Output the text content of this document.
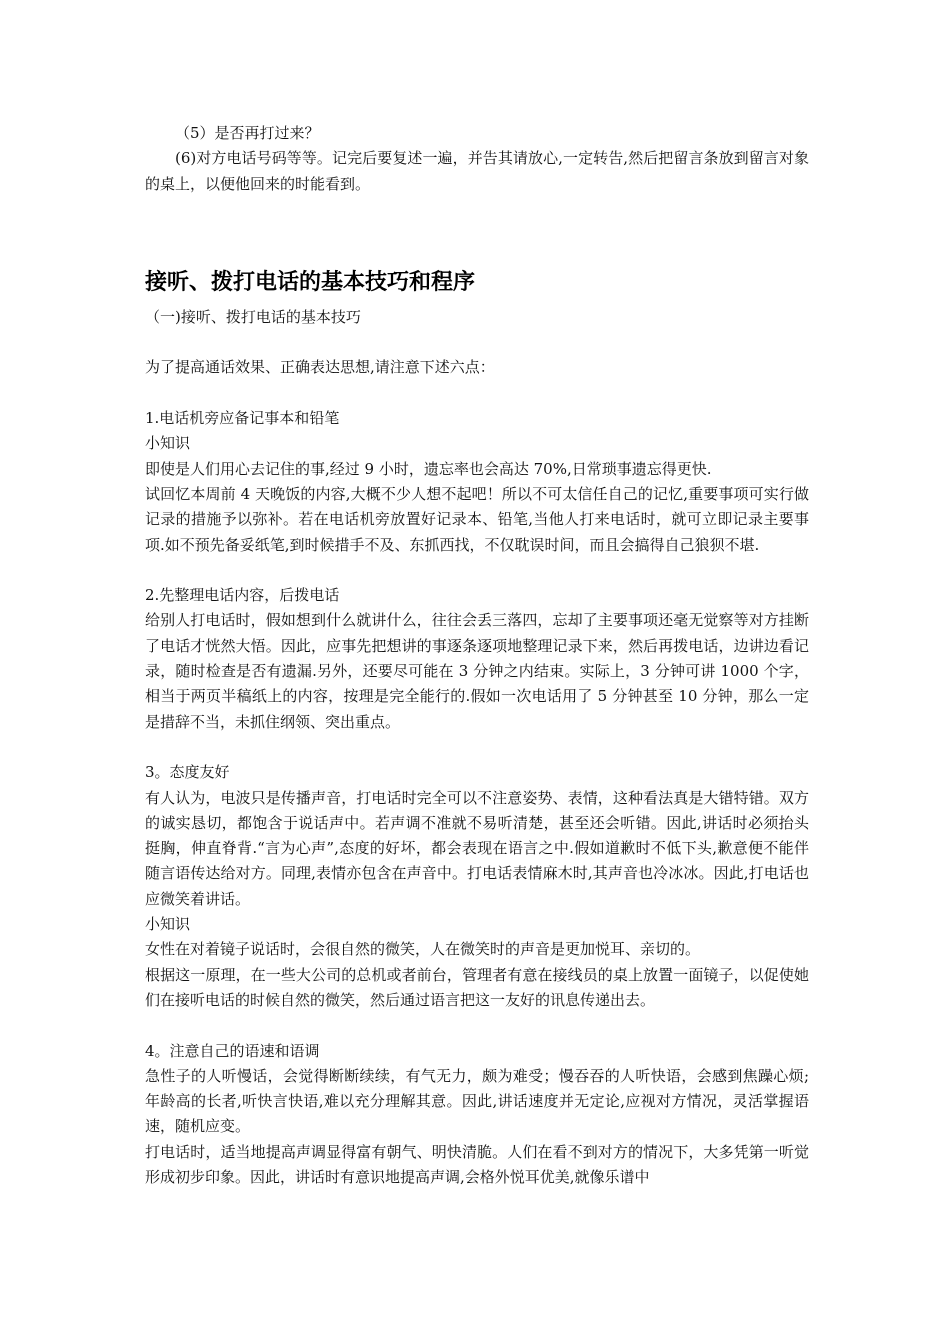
（5）是否再打过来？

(6)对方电话号码等等。记完后要复述一遍，并告其请放心,一定转告,然后把留言条放到留言对象的桌上，以便他回来的时能看到。

接听、拨打电话的基本技巧和程序

（一)接听、拨打电话的基本技巧

为了提高通话效果、正确表达思想,请注意下述六点：

1.电话机旁应备记事本和铅笔

小知识

即使是人们用心去记住的事,经过 9 小时，遗忘率也会高达 70%,日常琐事遗忘得更快.

试回忆本周前 4 天晚饭的内容,大概不少人想不起吧！所以不可太信任自己的记忆,重要事项可实行做记录的措施予以弥补。若在电话机旁放置好记录本、铅笔,当他人打来电话时，就可立即记录主要事项.如不预先备妥纸笔,到时候措手不及、东抓西找，不仅耽误时间，而且会搞得自己狼狈不堪.

2.先整理电话内容，后拨电话

给别人打电话时，假如想到什么就讲什么，往往会丢三落四，忘却了主要事项还毫无觉察等对方挂断了电话才恍然大悟。因此，应事先把想讲的事逐条逐项地整理记录下来，然后再拨电话，边讲边看记录，随时检查是否有遗漏.另外，还要尽可能在 3 分钟之内结束。实际上，3 分钟可讲 1000 个字，相当于两页半稿纸上的内容，按理是完全能行的.假如一次电话用了 5 分钟甚至 10 分钟，那么一定是措辞不当，未抓住纲领、突出重点。

3。态度友好

有人认为，电波只是传播声音，打电话时完全可以不注意姿势、表情，这种看法真是大错特错。双方的诚实恳切，都饱含于说话声中。若声调不准就不易听清楚，甚至还会听错。因此,讲话时必须抬头挺胸，伸直脊背.“言为心声”,态度的好坏，都会表现在语言之中.假如道歉时不低下头,歉意便不能伴随言语传达给对方。同理,表情亦包含在声音中。打电话表情麻木时,其声音也冷冰冰。因此,打电话也应微笑着讲话。

小知识

女性在对着镜子说话时，会很自然的微笑，人在微笑时的声音是更加悦耳、亲切的。

根据这一原理，在一些大公司的总机或者前台，管理者有意在接线员的桌上放置一面镜子，以促使她们在接听电话的时候自然的微笑，然后通过语言把这一友好的讯息传递出去。

4。注意自己的语速和语调

急性子的人听慢话，会觉得断断续续，有气无力，颇为难受；慢吞吞的人听快语，会感到焦躁心烦;年龄高的长者,听快言快语,难以充分理解其意。因此,讲话速度并无定论,应视对方情况，灵活掌握语速，随机应变。

打电话时，适当地提高声调显得富有朝气、明快清脆。人们在看不到对方的情况下，大多凭第一听觉形成初步印象。因此，讲话时有意识地提高声调,会格外悦耳优美,就像乐谱中
